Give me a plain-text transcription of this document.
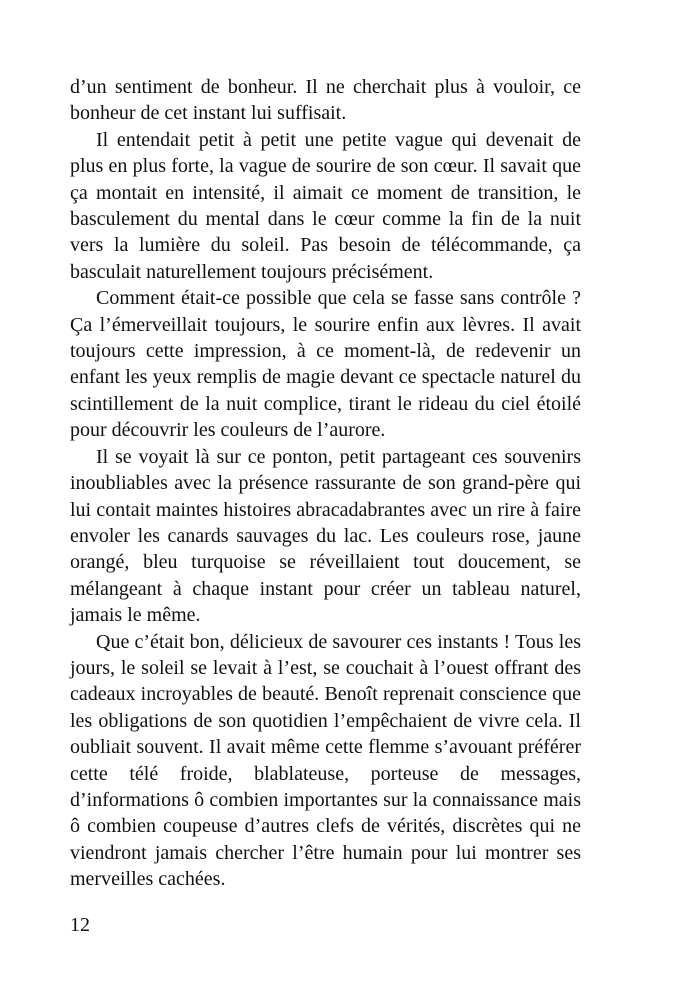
d’un sentiment de bonheur. Il ne cherchait plus à vouloir, ce bonheur de cet instant lui suffisait.

Il entendait petit à petit une petite vague qui devenait de plus en plus forte, la vague de sourire de son cœur. Il savait que ça montait en intensité, il aimait ce moment de transition, le basculement du mental dans le cœur comme la fin de la nuit vers la lumière du soleil. Pas besoin de télécommande, ça basculait naturellement toujours précisément.

Comment était-ce possible que cela se fasse sans contrôle ? Ça l’émerveillait toujours, le sourire enfin aux lèvres. Il avait toujours cette impression, à ce moment-là, de redevenir un enfant les yeux remplis de magie devant ce spectacle naturel du scintillement de la nuit complice, tirant le rideau du ciel étoilé pour découvrir les couleurs de l’aurore.

Il se voyait là sur ce ponton, petit partageant ces souvenirs inoubliables avec la présence rassurante de son grand-père qui lui contait maintes histoires abracadabrantes avec un rire à faire envoler les canards sauvages du lac. Les couleurs rose, jaune orangé, bleu turquoise se réveillaient tout doucement, se mélangeant à chaque instant pour créer un tableau naturel, jamais le même.

Que c’était bon, délicieux de savourer ces instants ! Tous les jours, le soleil se levait à l’est, se couchait à l’ouest offrant des cadeaux incroyables de beauté. Benoît reprenait conscience que les obligations de son quotidien l’empêchaient de vivre cela. Il oubliait souvent. Il avait même cette flemme s’avouant préférer cette télé froide, blablateuse, porteuse de messages, d’informations ô combien importantes sur la connaissance mais ô combien coupeuse d’autres clefs de vérités, discrètes qui ne viendront jamais chercher l’être humain pour lui montrer ses merveilles cachées.

12
